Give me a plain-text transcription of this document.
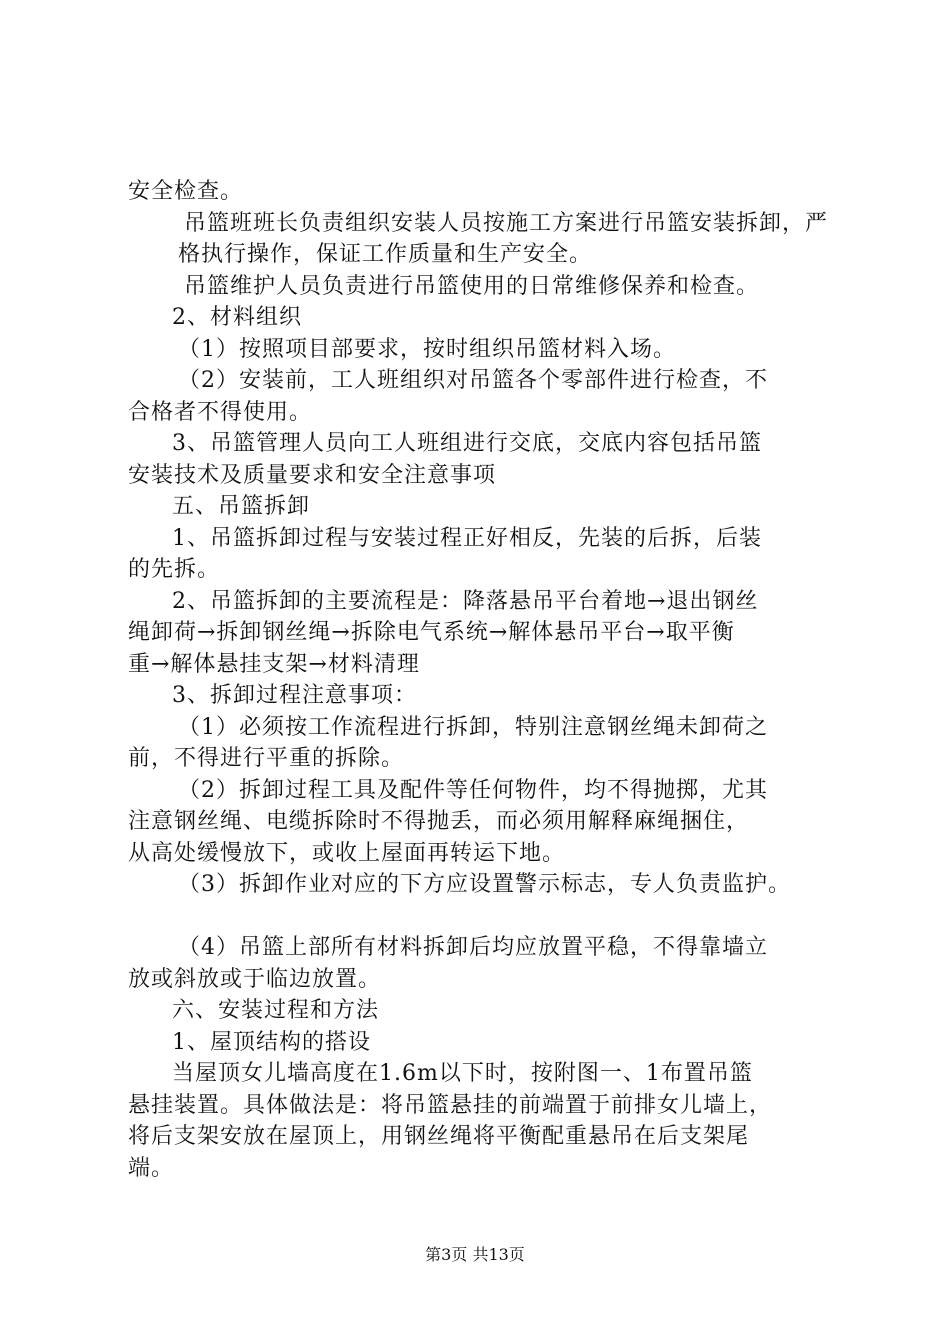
安全检查。
吊篮班班长负责组织安装人员按施工方案进行吊篮安装拆卸，严
格执行操作，保证工作质量和生产安全。
吊篮维护人员负责进行吊篮使用的日常维修保养和检查。
2、材料组织
（1）按照项目部要求，按时组织吊篮材料入场。
（2）安装前，工人班组织对吊篮各个零部件进行检查，不
合格者不得使用。
3、吊篮管理人员向工人班组进行交底，交底内容包括吊篮
安装技术及质量要求和安全注意事项
五、吊篮拆卸
1、吊篮拆卸过程与安装过程正好相反，先装的后拆，后装
的先拆。
2、吊篮拆卸的主要流程是：降落悬吊平台着地→退出钢丝
绳卸荷→拆卸钢丝绳→拆除电气系统→解体悬吊平台→取平衡
重→解体悬挂支架→材料清理
3、拆卸过程注意事项：
（1）必须按工作流程进行拆卸，特别注意钢丝绳未卸荷之
前，不得进行平重的拆除。
（2）拆卸过程工具及配件等任何物件，均不得抛掷，尤其
注意钢丝绳、电缆拆除时不得抛丢，而必须用解释麻绳捆住，
从高处缓慢放下，或收上屋面再转运下地。
（3）拆卸作业对应的下方应设置警示标志，专人负责监护。
（4）吊篮上部所有材料拆卸后均应放置平稳，不得靠墙立
放或斜放或于临边放置。
六、安装过程和方法
1、屋顶结构的搭设
当屋顶女儿墙高度在1.6m以下时，按附图一、1布置吊篮
悬挂装置。具体做法是：将吊篮悬挂的前端置于前排女儿墙上，
将后支架安放在屋顶上，用钢丝绳将平衡配重悬吊在后支架尾
端。
第3页 共13页
